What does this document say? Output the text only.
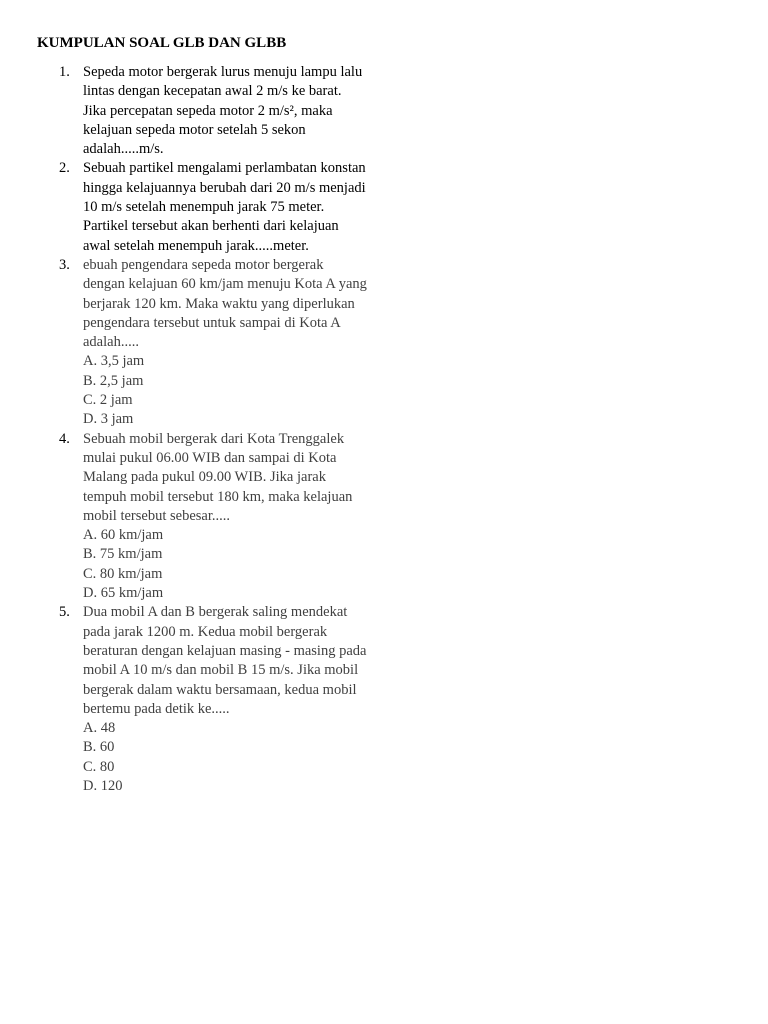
KUMPULAN SOAL GLB DAN GLBB
1. Sepeda motor bergerak lurus menuju lampu lalu lintas dengan kecepatan awal 2 m/s ke barat. Jika percepatan sepeda motor 2 m/s², maka kelajuan sepeda motor setelah 5 sekon adalah.....m/s.
2. Sebuah partikel mengalami perlambatan konstan hingga kelajuannya berubah dari 20 m/s menjadi 10 m/s setelah menempuh jarak 75 meter. Partikel tersebut akan berhenti dari kelajuan awal setelah menempuh jarak.....meter.
3. ebuah pengendara sepeda motor bergerak dengan kelajuan 60 km/jam menuju Kota A yang berjarak 120 km. Maka waktu yang diperlukan pengendara tersebut untuk sampai di Kota A adalah.....
A. 3,5 jam
B. 2,5 jam
C. 2 jam
D. 3 jam
4. Sebuah mobil bergerak dari Kota Trenggalek mulai pukul 06.00 WIB dan sampai di Kota Malang pada pukul 09.00 WIB. Jika jarak tempuh mobil tersebut 180 km, maka kelajuan mobil tersebut sebesar.....
A. 60 km/jam
B. 75 km/jam
C. 80 km/jam
D. 65 km/jam
5. Dua mobil A dan B bergerak saling mendekat pada jarak 1200 m. Kedua mobil bergerak beraturan dengan kelajuan masing - masing pada mobil A 10 m/s dan mobil B 15 m/s. Jika mobil bergerak dalam waktu bersamaan, kedua mobil bertemu pada detik ke.....
A. 48
B. 60
C. 80
D. 120
